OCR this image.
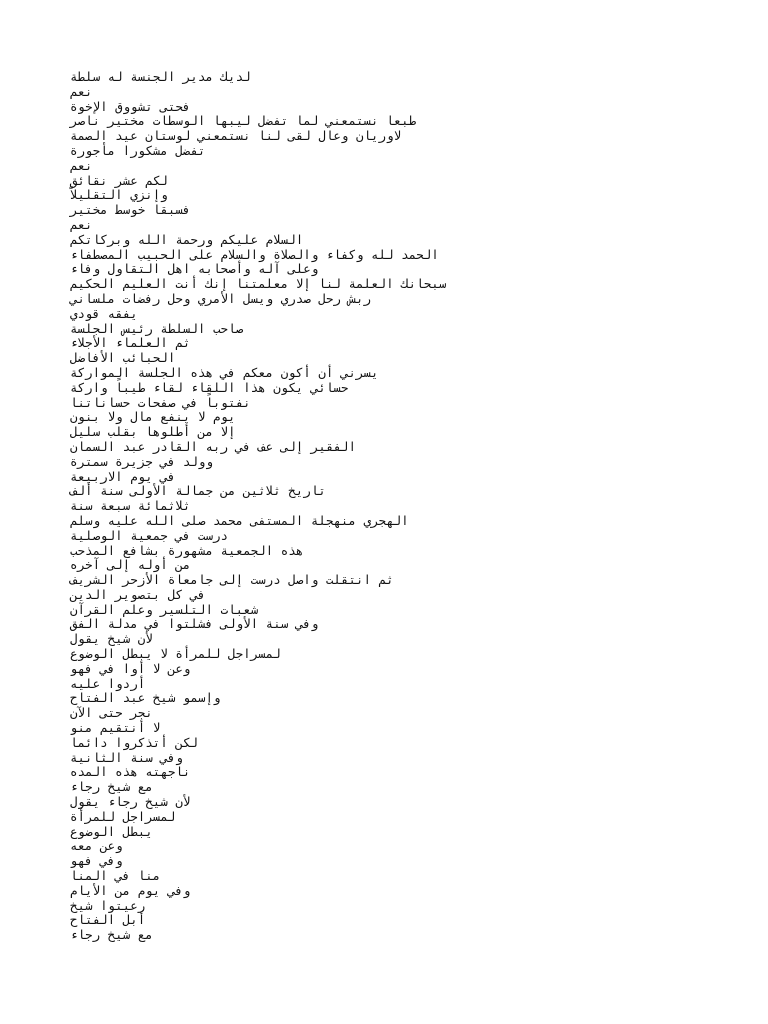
لديك مدير الجنسة له سلطة
نعم
فحتى تشووق الإخوة
طبعا نستمعني لما تفضل ليبها الوسطات مختير ناصر
لاوريان وعال لقى لنا نستمعني لوستان عيد الصمة
تفضل مشكورا مأجورة
نعم
لكم عشر نقائق
وإنزي التقليلاً
فسبقا خوسط مختير
نعم
السلام عليكم ورحمة الله وبركاتكم
الحمد لله وكفاء والصلاة والسلام على الحبيب المصطفاء
وعلى آله وأصحابه اهل التقاول وفاء
سبحانك العلمة لنا إلا معلمتنا إنك أنت العليم الحكيم
ربش رحل صدري ويسل الأمري وحل رفضات ملساني
يفقه قودي
صاحب السلطة رئيس الجلسة
ثم العلماء الأجلاء
الحبائب الأفاضل
يسرني أن أكون معكم في هذه الجلسة المواركة
حسائي يكون هذا اللقاء لقاء طيباً واركة
نفتوباً في صفحات حساناتنا
يوم لا ينفع مال ولا بنون
إلا من أطلوها بقلب سليل
الفقير إلى عف في ربه القادر عبد السمان
وولد في جزيرة سمترة
في يوم الاربيعة
تاريخ ثلاثين من جمالة الأولى سنة ألف
ثلاثمائة سبعة سنة
الهجري منهجلة المستفى محمد صلى الله عليه وسلم
درست في جمعية الوصلية
هذه الجمعية مشهورة بشافع المذحب
من أوله إلى آخره
ثم انتقلت واصل درست إلى جامعاة الأزحر الشريف
في كل بتصوير الدين
شعبات التلسير وعلم القرآن
وفي سنة الأولى فشلتوا في مدلة الفق
لأن شيخ يقول
لمسراجل للمرأة لا يبطل الوضوع
وعن لا أوا في فهو
أردوا عليه
وإسمو شيخ عبد الفتاح
نجر حتى الآن
لا أنتقيم منو
لكن أتذكروا دائما
وفي سنة الثانية
ناجهته هذه المده
مع شيخ رجاء
لأن شيخ رجاء يقول
لمسراجل للمرأة
يبطل الوضوع
وعن معه
وفي فهو
منا في المنا
وفي يوم من الأيام
رعيتوا شيخ
أبل الفتاح
مع شيخ رجاء
